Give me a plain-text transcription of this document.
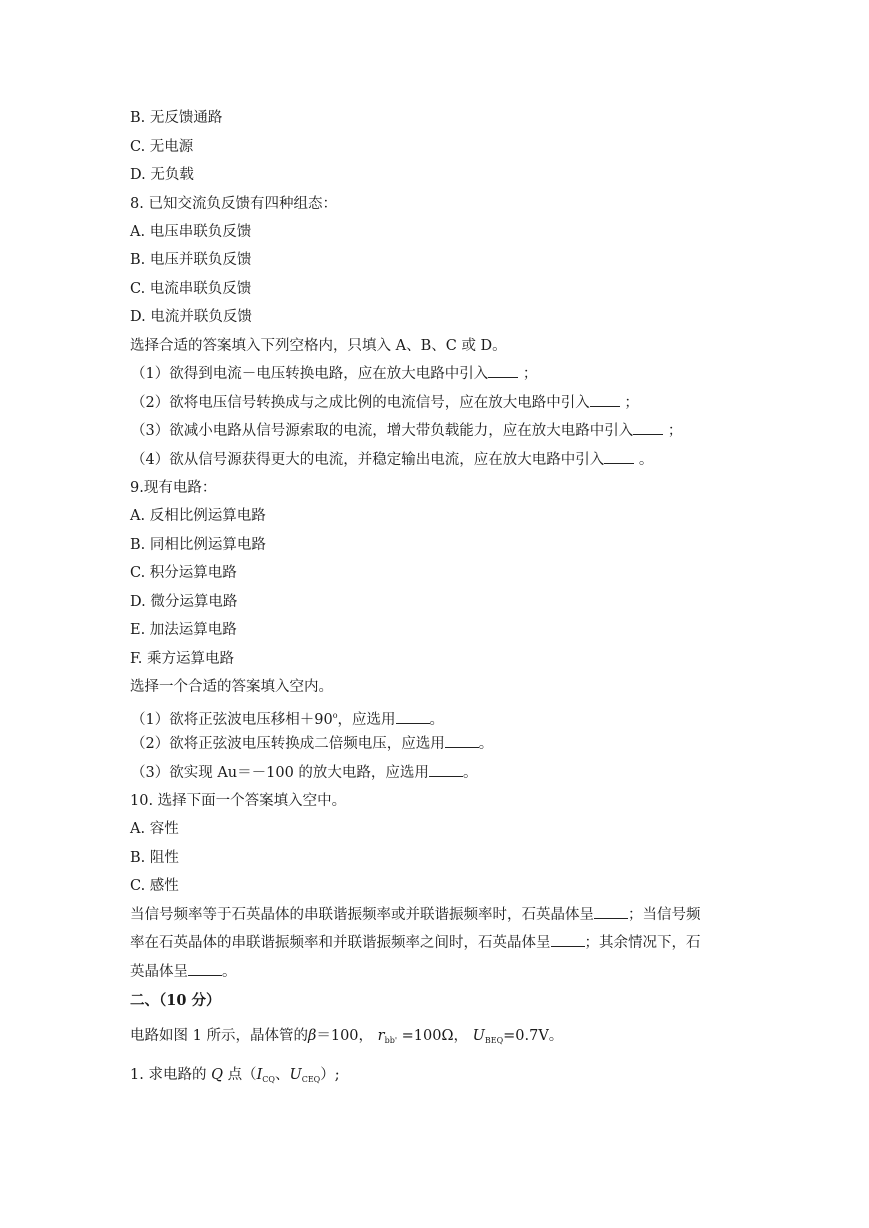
B. 无反馈通路
C. 无电源
D. 无负载
8. 已知交流负反馈有四种组态：
A. 电压串联负反馈
B. 电压并联负反馈
C. 电流串联负反馈
D. 电流并联负反馈
选择合适的答案填入下列空格内，只填入 A、B、C 或 D。
（1）欲得到电流－电压转换电路，应在放大电路中引入 ；
（2）欲将电压信号转换成与之成比例的电流信号，应在放大电路中引入 ；
（3）欲减小电路从信号源索取的电流，增大带负载能力，应在放大电路中引入 ；
（4）欲从信号源获得更大的电流，并稳定输出电流，应在放大电路中引入 。
9.现有电路：
A. 反相比例运算电路
B. 同相比例运算电路
C. 积分运算电路
D. 微分运算电路
E. 加法运算电路
F. 乘方运算电路
选择一个合适的答案填入空内。
（1）欲将正弦波电压移相$+90^o$，应选用 。
（2）欲将正弦波电压转换成二倍频电压，应选用 。
（3）欲实现 Au＝－100 的放大电路，应选用 。
10. 选择下面一个答案填入空中。
A. 容性
B. 阻性
C. 感性
当信号频率等于石英晶体的串联谐振频率或并联谐振频率时，石英晶体呈 ；当信号频
率在石英晶体的串联谐振频率和并联谐振频率之间时，石英晶体呈 ；其余情况下，石
英晶体呈 。
二、（10 分）
电路如图 1 所示，晶体管的β＝100， $r_{bb'} =100\Omega$， $U_{BEQ}=0.7V$。
1. 求电路的 Q 点（$I_{CQ}$、$U_{CEQ}$）;
